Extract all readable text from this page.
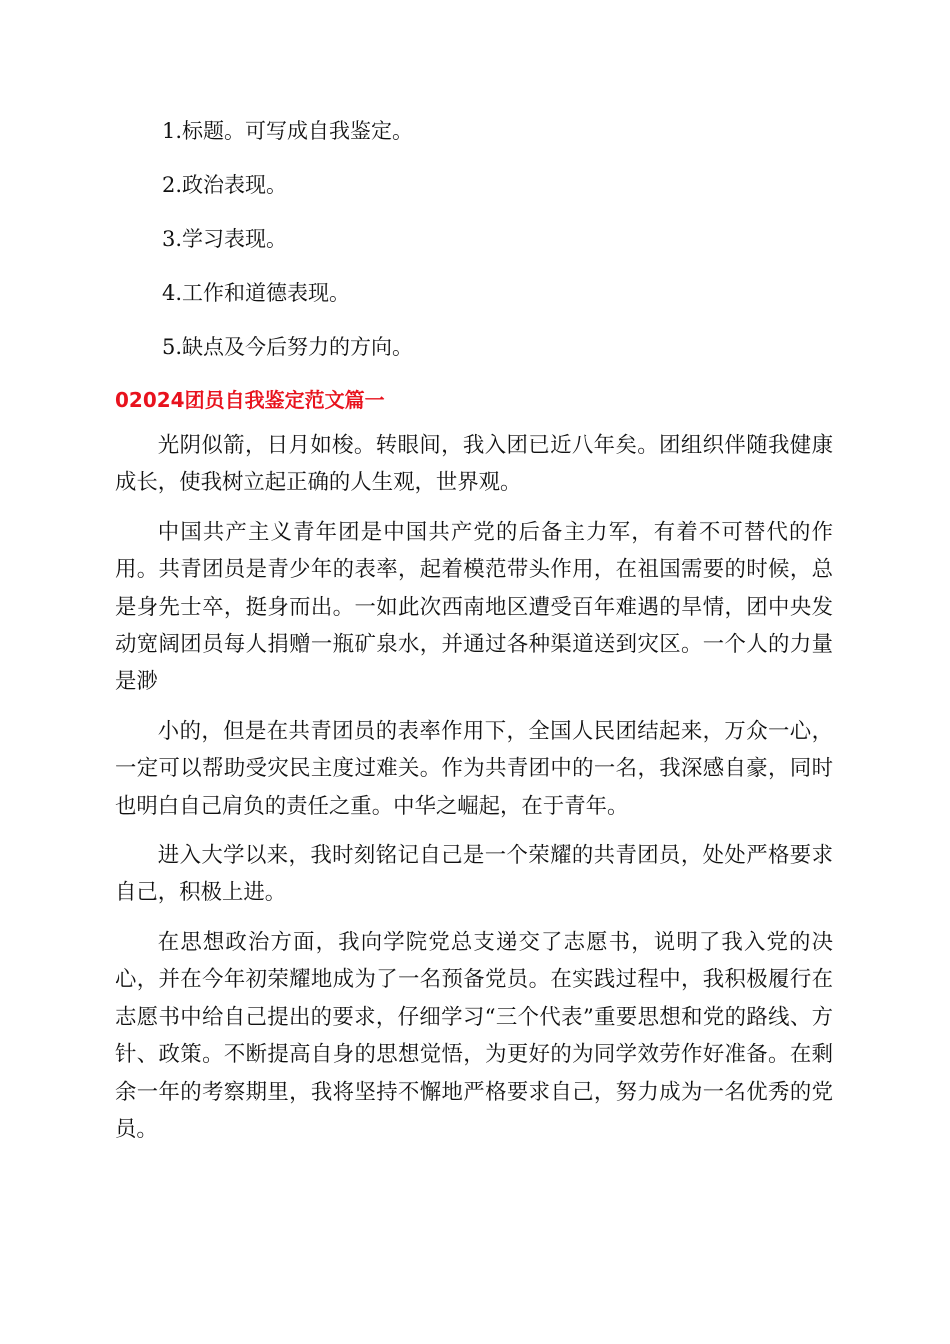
1.标题。可写成自我鉴定。
2.政治表现。
3.学习表现。
4.工作和道德表现。
5.缺点及今后努力的方向。
02024团员自我鉴定范文篇一

光阴似箭，日月如梭。转眼间，我入团已近八年矣。团组织伴随我健康成长，使我树立起正确的人生观，世界观。

中国共产主义青年团是中国共产党的后备主力军，有着不可替代的作用。共青团员是青少年的表率，起着模范带头作用，在祖国需要的时候，总是身先士卒，挺身而出。一如此次西南地区遭受百年难遇的旱情，团中央发动宽阔团员每人捐赠一瓶矿泉水，并通过各种渠道送到灾区。一个人的力量是渺

小的，但是在共青团员的表率作用下，全国人民团结起来，万众一心，一定可以帮助受灾民主度过难关。作为共青团中的一名，我深感自豪，同时也明白自己肩负的责任之重。中华之崛起，在于青年。

进入大学以来，我时刻铭记自己是一个荣耀的共青团员，处处严格要求自己，积极上进。

在思想政治方面，我向学院党总支递交了志愿书，说明了我入党的决心，并在今年初荣耀地成为了一名预备党员。在实践过程中，我积极履行在志愿书中给自己提出的要求，仔细学习“三个代表”重要思想和党的路线、方针、政策。不断提高自身的思想觉悟，为更好的为同学效劳作好准备。在剩余一年的考察期里，我将坚持不懈地严格要求自己，努力成为一名优秀的党员。
